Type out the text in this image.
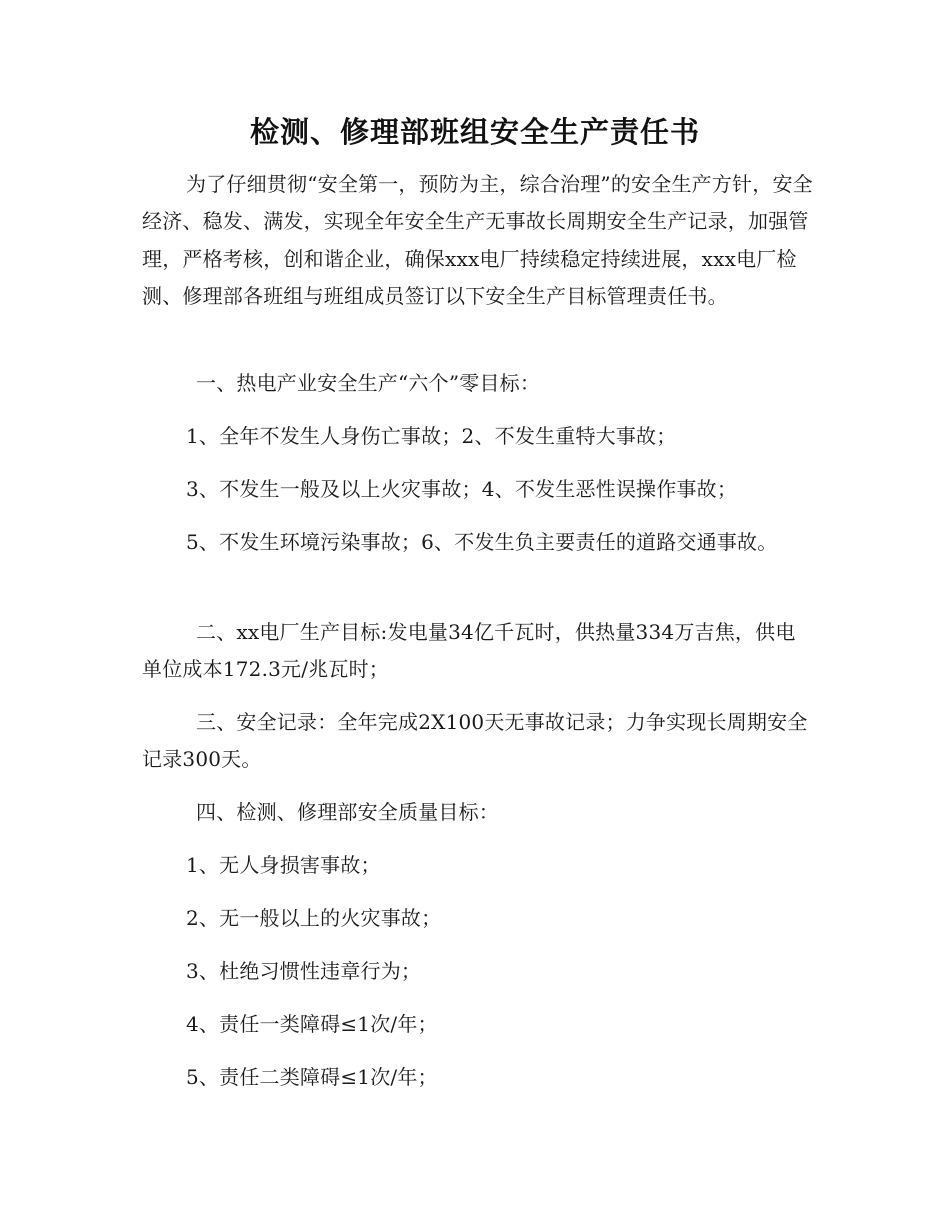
检测、修理部班组安全生产责任书

为了仔细贯彻“安全第一，预防为主，综合治理”的安全生产方针，安全经济、稳发、满发，实现全年安全生产无事故长周期安全生产记录，加强管理，严格考核，创和谐企业，确保xxx电厂持续稳定持续进展，xxx电厂检测、修理部各班组与班组成员签订以下安全生产目标管理责任书。

一、热电产业安全生产“六个”零目标：

1、全年不发生人身伤亡事故；2、不发生重特大事故；

3、不发生一般及以上火灾事故；4、不发生恶性误操作事故；

5、不发生环境污染事故；6、不发生负主要责任的道路交通事故。

二、xx电厂生产目标:发电量34亿千瓦时，供热量334万吉焦，供电单位成本172.3元/兆瓦时；

三、安全记录：全年完成2Ⅹ100天无事故记录；力争实现长周期安全记录300天。

四、检测、修理部安全质量目标：

1、无人身损害事故；

2、无一般以上的火灾事故；

3、杜绝习惯性违章行为；

4、责任一类障碍≤1次/年；

5、责任二类障碍≤1次/年；
